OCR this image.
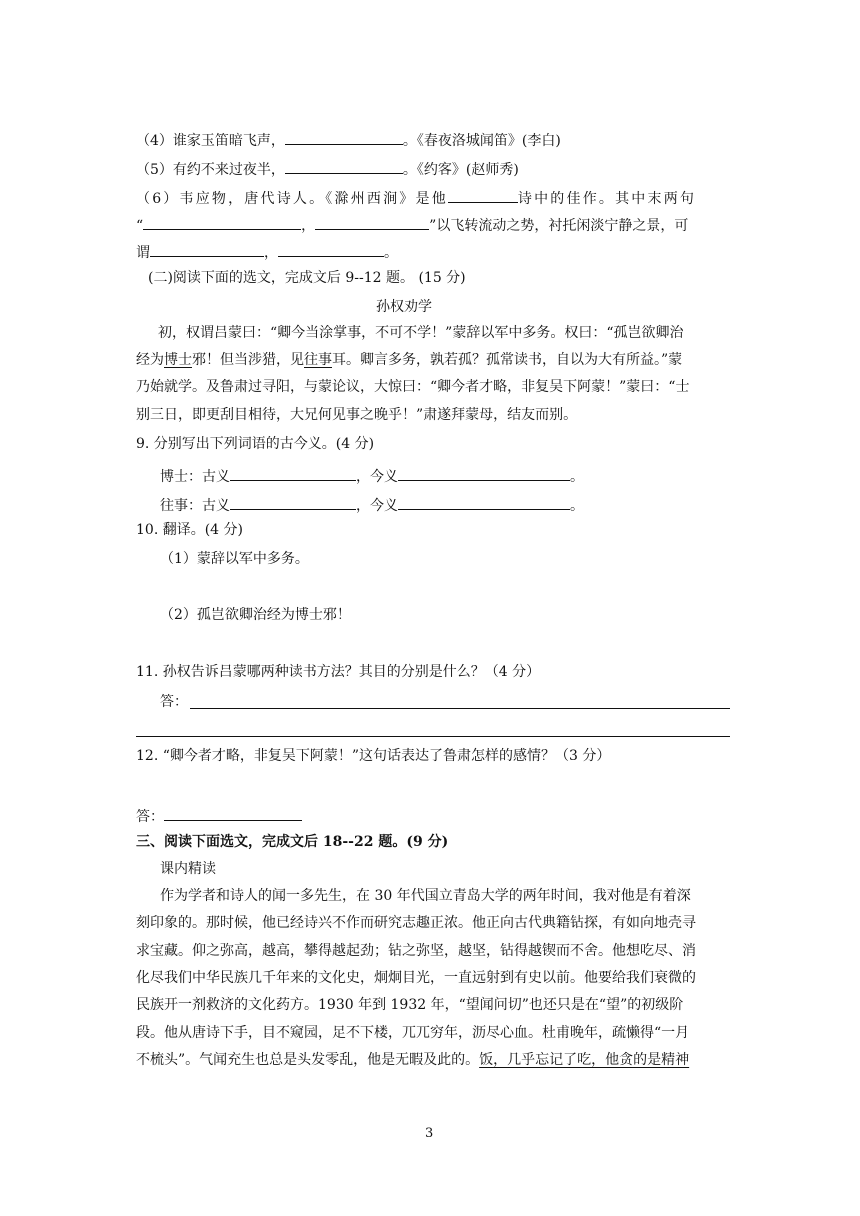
（4）谁家玉笛暗飞声，	。《春夜洛城闻笛》(李白)
（5）有约不来过夜半，	。《约客》(赵师秀)
（6）韦应物，唐代诗人。《滁州西涧》是他	诗中的佳作。其中末两句
“	，	”以飞转流动之势，衬托闲淡宁静之景，可
谓	，	。
(二)阅读下面的选文，完成文后 9--12 题。 (15 分)
孙权劝学
初，权谓吕蒙曰：“卿今当涂掌事，不可不学！”蒙辞以军中多务。权曰：“孤岂欲卿治
经为博士邪！但当涉猎，见往事耳。卿言多务，孰若孤？孤常读书，自以为大有所益。”蒙
乃始就学。及鲁肃过寻阳，与蒙论议，大惊曰：“卿今者才略，非复吴下阿蒙！”蒙曰：“士
别三日，即更刮目相待，大兄何见事之晚乎！”肃遂拜蒙母，结友而别。
9. 分别写出下列词语的古今义。(4 分)
博士：古义	，今义	。
往事：古义	，今义	。
10. 翻译。(4 分)
（1）蒙辞以军中多务。
（2）孤岂欲卿治经为博士邪！
11. 孙权告诉吕蒙哪两种读书方法？其目的分别是什么？（4 分）
答：
12. “卿今者才略，非复吴下阿蒙！”这句话表达了鲁肃怎样的感情？（3 分）
答：
三、阅读下面选文，完成文后 18--22 题。(9 分)
课内精读
作为学者和诗人的闻一多先生，在 30 年代国立青岛大学的两年时间，我对他是有着深
刻印象的。那时候，他已经诗兴不作而研究志趣正浓。他正向古代典籍钻探，有如向地壳寻
求宝藏。仰之弥高，越高，攀得越起劲；钻之弥坚，越坚，钻得越锲而不舍。他想吃尽、消
化尽我们中华民族几千年来的文化史，炯炯目光，一直远射到有史以前。他要给我们衰微的
民族开一剂救济的文化药方。1930 年到 1932 年，“望闻问切”也还只是在“望”的初级阶
段。他从唐诗下手，目不窥园，足不下楼，兀兀穷年，沥尽心血。杜甫晚年，疏懒得“一月
不梳头”。气闻充生也总是头发零乱，他是无暇及此的。饭，几乎忘记了吃，他贪的是精神
3
